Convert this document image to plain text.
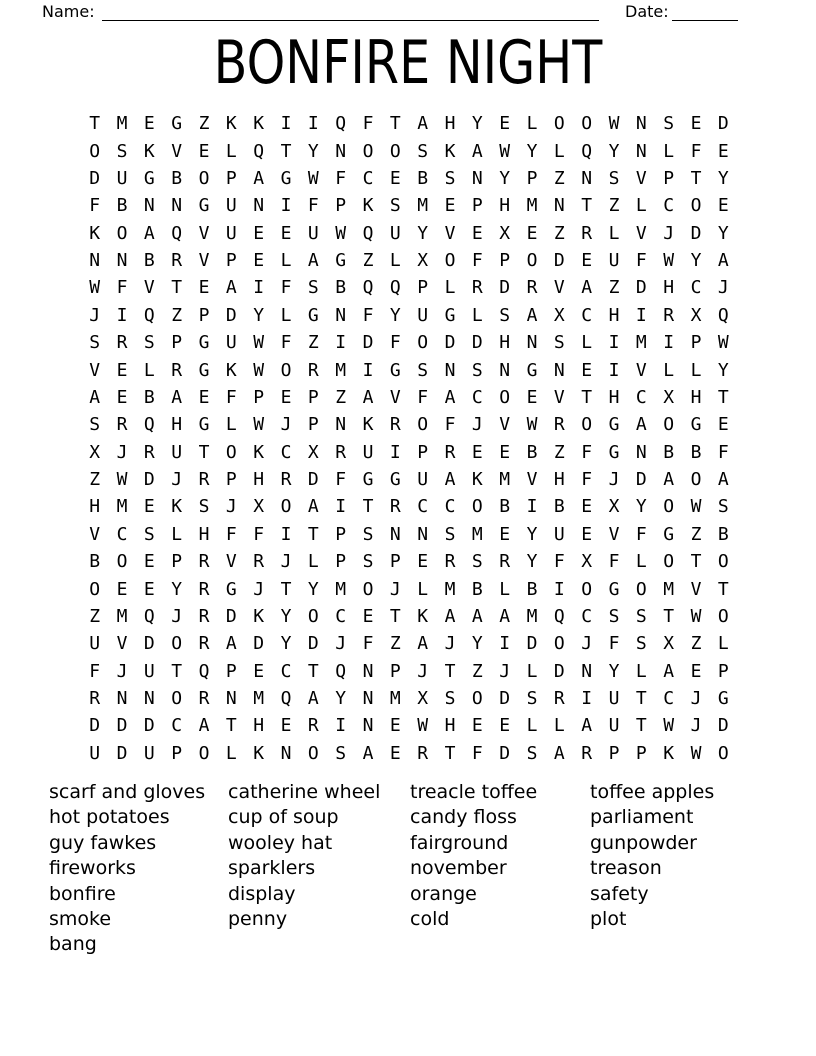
Name:	Date:
BONFIRE NIGHT
T M E G Z K K I I Q F T A H Y E L O O W N S E D
O S K V E L Q T Y N O O S K A W Y L Q Y N L F E
D U G B O P A G W F C E B S N Y P Z N S V P T Y
F B N N G U N I F P K S M E P H M N T Z L C O E
K O A Q V U E E U W Q U Y V E X E Z R L V J D Y
N N B R V P E L A G Z L X O F P O D E U F W Y A
W F V T E A I F S B Q Q P L R D R V A Z D H C J
J I Q Z P D Y L G N F Y U G L S A X C H I R X Q
S R S P G U W F Z I D F O D D H N S L I M I P W
V E L R G K W O R M I G S N S N G N E I V L L Y
A E B A E F P E P Z A V F A C O E V T H C X H T
S R Q H G L W J P N K R O F J V W R O G A O G E
X J R U T O K C X R U I P R E E B Z F G N B B F
Z W D J R P H R D F G G U A K M V H F J D A O A
H M E K S J X O A I T R C C O B I B E X Y O W S
V C S L H F F I T P S N N S M E Y U E V F G Z B
B O E P R V R J L P S P E R S R Y F X F L O T O
O E E Y R G J T Y M O J L M B L B I O G O M V T
Z M Q J R D K Y O C E T K A A A M Q C S S T W O
U V D O R A D Y D J F Z A J Y I D O J F S X Z L
F J U T Q P E C T Q N P J T Z J L D N Y L A E P
R N N O R N M Q A Y N M X S O D S R I U T C J G
D D D C A T H E R I N E W H E E L L A U T W J D
U D U P O L K N O S A E R T F D S A R P P K W O
scarf and gloves
hot potatoes
guy fawkes
fireworks
bonfire
smoke
bang
catherine wheel
cup of soup
wooley hat
sparklers
display
penny
treacle toffee
candy floss
fairground
november
orange
cold
toffee apples
parliament
gunpowder
treason
safety
plot
